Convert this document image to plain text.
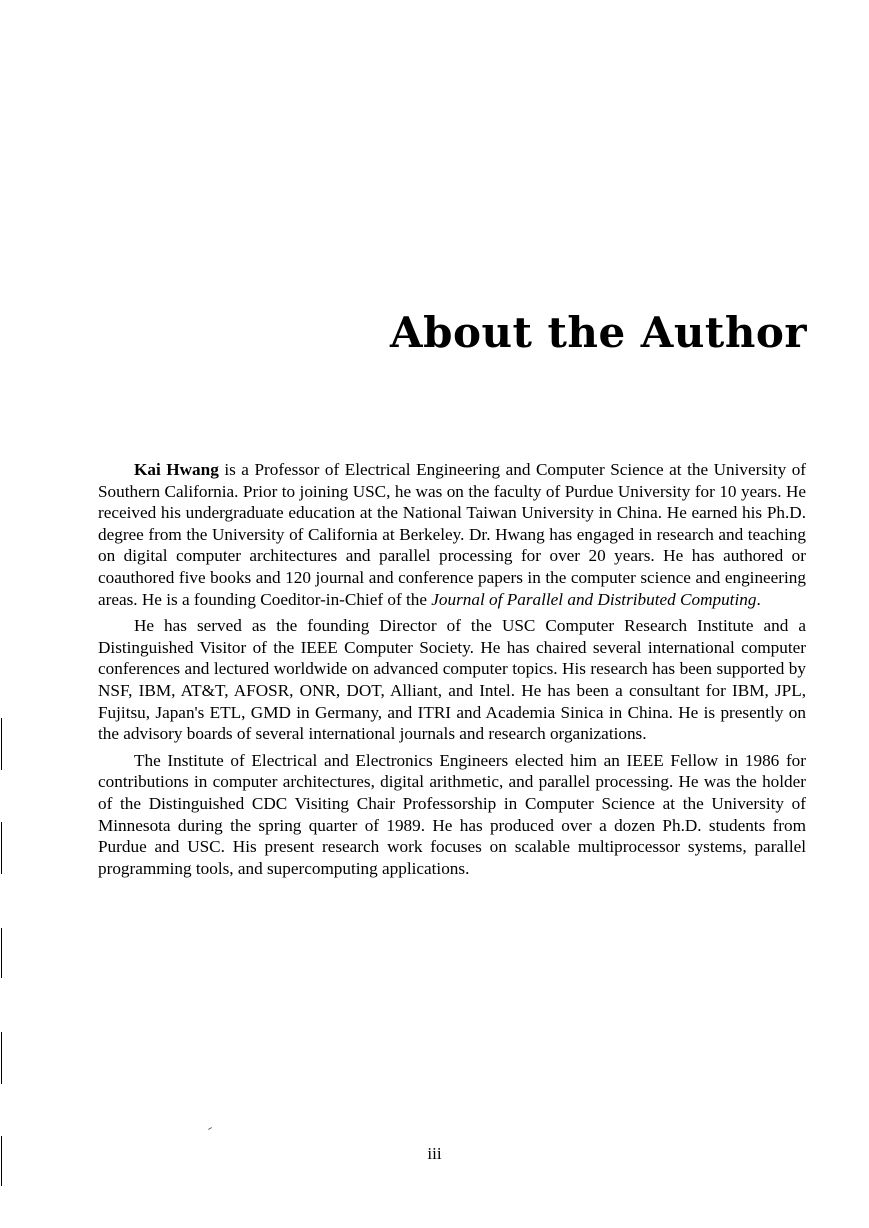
About the Author

Kai Hwang is a Professor of Electrical Engineering and Computer Science at the University of Southern California. Prior to joining USC, he was on the faculty of Purdue University for 10 years. He received his undergraduate education at the National Taiwan University in China. He earned his Ph.D. degree from the University of California at Berkeley. Dr. Hwang has engaged in research and teaching on digital computer architectures and parallel processing for over 20 years. He has authored or coauthored five books and 120 journal and conference papers in the computer science and engineering areas. He is a founding Coeditor-in-Chief of the Journal of Parallel and Distributed Computing.

He has served as the founding Director of the USC Computer Research Institute and a Distinguished Visitor of the IEEE Computer Society. He has chaired several international computer conferences and lectured worldwide on advanced computer topics. His research has been supported by NSF, IBM, AT&T, AFOSR, ONR, DOT, Alliant, and Intel. He has been a consultant for IBM, JPL, Fujitsu, Japan's ETL, GMD in Germany, and ITRI and Academia Sinica in China. He is presently on the advisory boards of several international journals and research organizations.

The Institute of Electrical and Electronics Engineers elected him an IEEE Fellow in 1986 for contributions in computer architectures, digital arithmetic, and parallel processing. He was the holder of the Distinguished CDC Visiting Chair Professorship in Computer Science at the University of Minnesota during the spring quarter of 1989. He has produced over a dozen Ph.D. students from Purdue and USC. His present research work focuses on scalable multiprocessor systems, parallel programming tools, and supercomputing applications.

iii
